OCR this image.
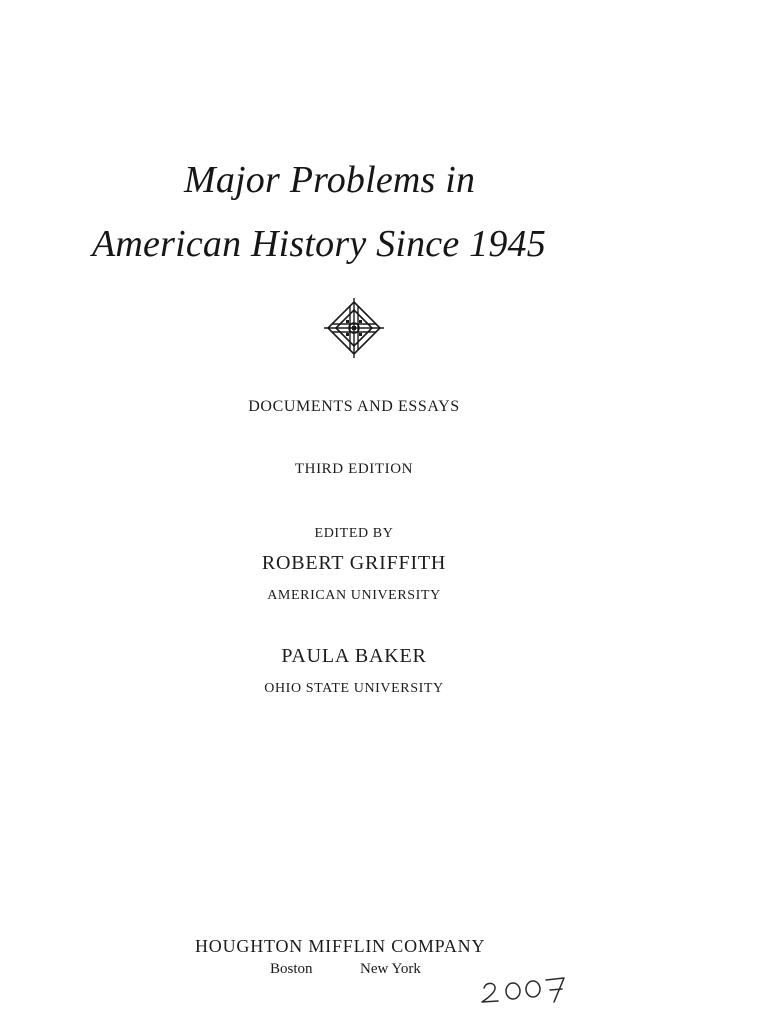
Major Problems in
American History Since 1945
DOCUMENTS AND ESSAYS
THIRD EDITION
EDITED BY
ROBERT GRIFFITH
AMERICAN UNIVERSITY
PAULA BAKER
OHIO STATE UNIVERSITY
HOUGHTON MIFFLIN COMPANY
Boston	New York
